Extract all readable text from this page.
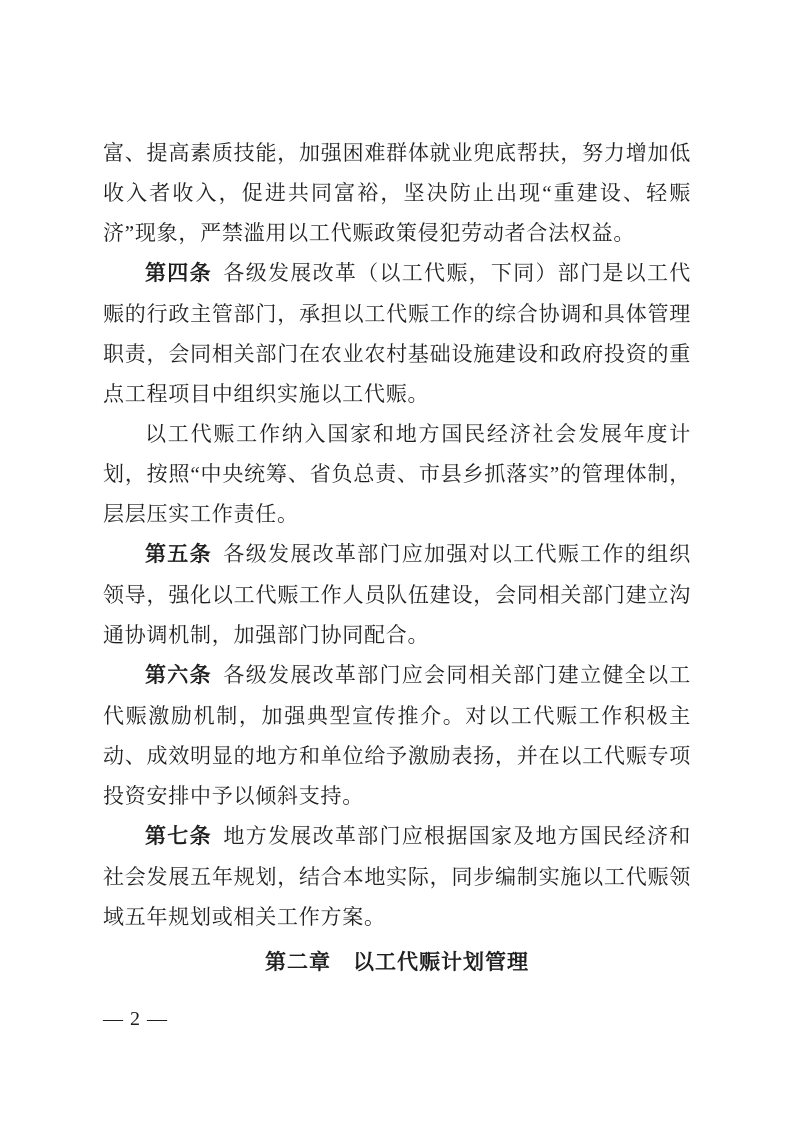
富、提高素质技能，加强困难群体就业兜底帮扶，努力增加低收入者收入，促进共同富裕，坚决防止出现“重建设、轻赈济”现象，严禁滥用以工代赈政策侵犯劳动者合法权益。

第四条 各级发展改革（以工代赈，下同）部门是以工代赈的行政主管部门，承担以工代赈工作的综合协调和具体管理职责，会同相关部门在农业农村基础设施建设和政府投资的重点工程项目中组织实施以工代赈。

以工代赈工作纳入国家和地方国民经济社会发展年度计划，按照“中央统筹、省负总责、市县乡抓落实”的管理体制，层层压实工作责任。

第五条 各级发展改革部门应加强对以工代赈工作的组织领导，强化以工代赈工作人员队伍建设，会同相关部门建立沟通协调机制，加强部门协同配合。

第六条 各级发展改革部门应会同相关部门建立健全以工代赈激励机制，加强典型宣传推介。对以工代赈工作积极主动、成效明显的地方和单位给予激励表扬，并在以工代赈专项投资安排中予以倾斜支持。

第七条 地方发展改革部门应根据国家及地方国民经济和社会发展五年规划，结合本地实际，同步编制实施以工代赈领域五年规划或相关工作方案。

第二章　以工代赈计划管理
— 2 —
